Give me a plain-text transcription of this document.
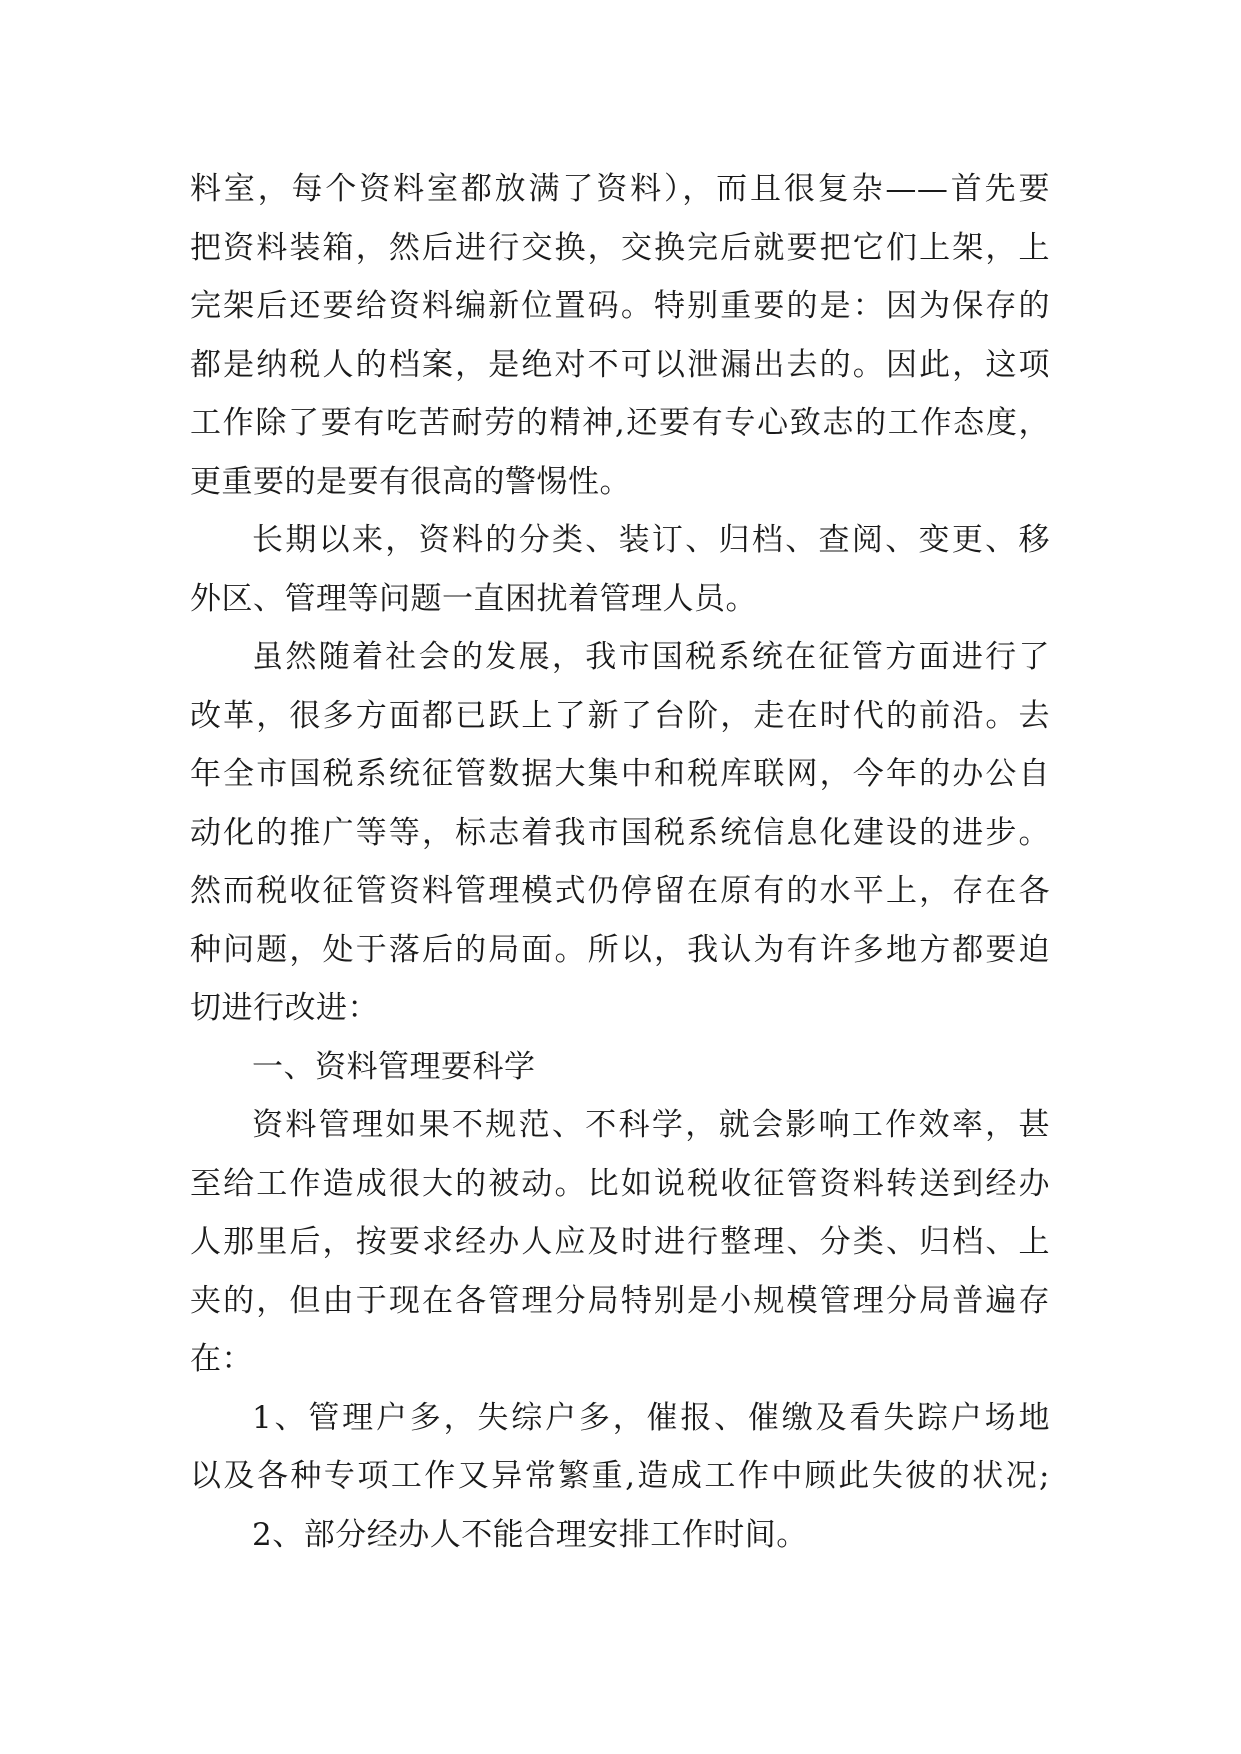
料室，每个资料室都放满了资料），而且很复杂——首先要
把资料装箱，然后进行交换，交换完后就要把它们上架，上
完架后还要给资料编新位置码。特别重要的是：因为保存的
都是纳税人的档案，是绝对不可以泄漏出去的。因此，这项
工作除了要有吃苦耐劳的精神,还要有专心致志的工作态度，
更重要的是要有很高的警惕性。
长期以来，资料的分类、装订、归档、查阅、变更、移
外区、管理等问题一直困扰着管理人员。
虽然随着社会的发展，我市国税系统在征管方面进行了
改革，很多方面都已跃上了新了台阶，走在时代的前沿。去
年全市国税系统征管数据大集中和税库联网，今年的办公自
动化的推广等等，标志着我市国税系统信息化建设的进步。
然而税收征管资料管理模式仍停留在原有的水平上，存在各
种问题，处于落后的局面。所以，我认为有许多地方都要迫
切进行改进：
一、资料管理要科学
资料管理如果不规范、不科学，就会影响工作效率，甚
至给工作造成很大的被动。比如说税收征管资料转送到经办
人那里后，按要求经办人应及时进行整理、分类、归档、上
夹的，但由于现在各管理分局特别是小规模管理分局普遍存
在：
1、管理户多，失综户多，催报、催缴及看失踪户场地
以及各种专项工作又异常繁重,造成工作中顾此失彼的状况;
2、部分经办人不能合理安排工作时间。
